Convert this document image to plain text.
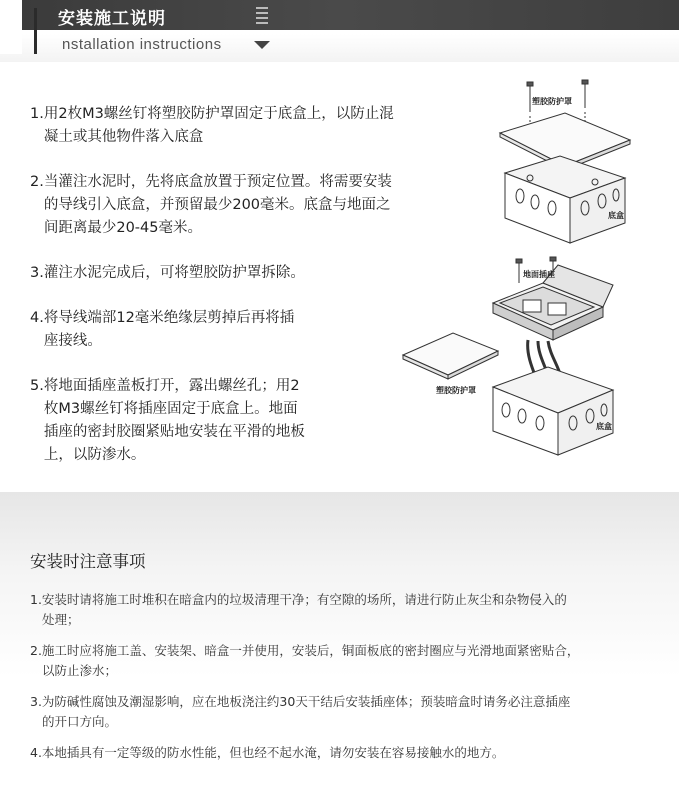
安装施工说明
nstallation instructions
1. 用2枚M3螺丝钉将塑胶防护罩固定于底盒上，以防止混
凝土或其他物件落入底盒
2. 当灌注水泥时，先将底盒放置于预定位置。将需要安装
的导线引入底盒，并预留最少200毫米。底盒与地面之
间距离最少20-45毫米。
3. 灌注水泥完成后，可将塑胶防护罩拆除。
4. 将导线端部12毫米绝缘层剪掉后再将插
座接线。
5. 将地面插座盖板打开，露出螺丝孔；用2
枚M3螺丝钉将插座固定于底盒上。地面
插座的密封胶圈紧贴地安装在平滑的地板
上，以防渗水。
塑胶防护罩
底盒
地面插座
塑胶防护罩
底盒
安装时注意事项
1.安装时请将施工时堆积在暗盒内的垃圾清理干净；有空隙的场所，请进行防止灰尘和杂物侵入的
处理；
2.施工时应将施工盖、安装架、暗盒一并使用，安装后，铜面板底的密封圈应与光滑地面紧密贴合，
以防止渗水；
3.为防碱性腐蚀及潮湿影响，应在地板浇注约30天干结后安装插座体；预装暗盒时请务必注意插座
的开口方向。
4.本地插具有一定等级的防水性能，但也经不起水淹，请勿安装在容易接触水的地方。
